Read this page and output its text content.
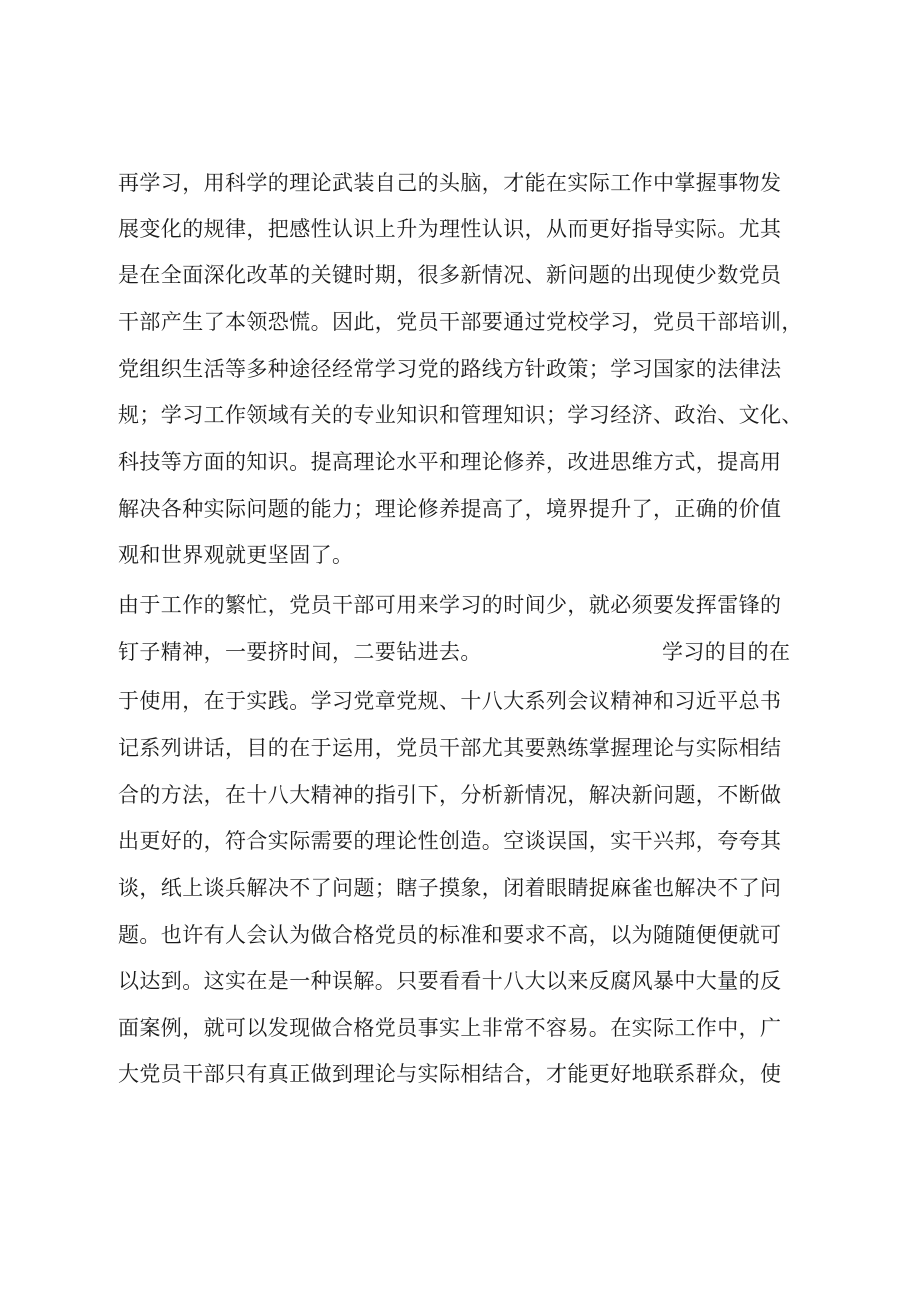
再学习，用科学的理论武装自己的头脑，才能在实际工作中掌握事物发
展变化的规律，把感性认识上升为理性认识，从而更好指导实际。尤其
是在全面深化改革的关键时期，很多新情况、新问题的出现使少数党员
干部产生了本领恐慌。因此，党员干部要通过党校学习，党员干部培训，
党组织生活等多种途径经常学习党的路线方针政策；学习国家的法律法
规；学习工作领域有关的专业知识和管理知识；学习经济、政治、文化、
科技等方面的知识。提高理论水平和理论修养，改进思维方式，提高用
解决各种实际问题的能力；理论修养提高了，境界提升了，正确的价值
观和世界观就更坚固了。
由于工作的繁忙，党员干部可用来学习的时间少，就必须要发挥雷锋的
钉子精神，一要挤时间，二要钻进去。	学习的目的在
于使用，在于实践。学习党章党规、十八大系列会议精神和习近平总书
记系列讲话，目的在于运用，党员干部尤其要熟练掌握理论与实际相结
合的方法，在十八大精神的指引下，分析新情况，解决新问题，不断做
出更好的，符合实际需要的理论性创造。空谈误国，实干兴邦，夸夸其
谈，纸上谈兵解决不了问题；瞎子摸象，闭着眼睛捉麻雀也解决不了问
题。也许有人会认为做合格党员的标准和要求不高，以为随随便便就可
以达到。这实在是一种误解。只要看看十八大以来反腐风暴中大量的反
面案例，就可以发现做合格党员事实上非常不容易。在实际工作中，广
大党员干部只有真正做到理论与实际相结合，才能更好地联系群众，使
